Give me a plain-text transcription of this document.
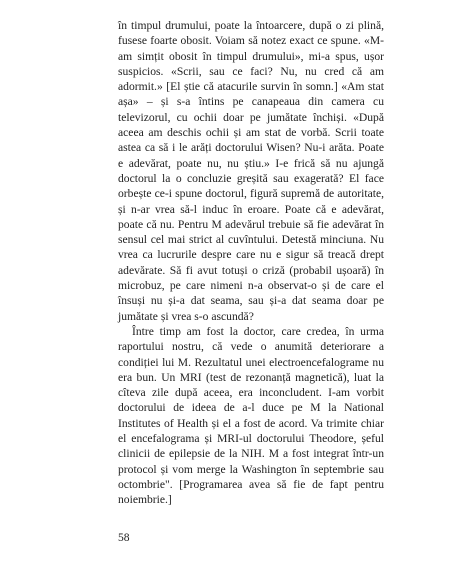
în timpul drumului, poate la întoarcere, după o zi plină, fusese foarte obosit. Voiam să notez exact ce spune. «M-am simțit obosit în timpul drumului», mi-a spus, ușor suspicios. «Scrii, sau ce faci? Nu, nu cred că am adormit.» [El știe că atacurile survin în somn.] «Am stat așa» – și s-a întins pe canapeaua din camera cu televizorul, cu ochii doar pe jumătate închiși. «După aceea am deschis ochii și am stat de vorbă. Scrii toate astea ca să i le arăți doctorului Wisen? Nu-i arăta. Poate e adevărat, poate nu, nu știu.» I-e frică să nu ajungă doctorul la o concluzie greșită sau exagerată? El face orbește ce-i spune doctorul, figură supremă de autoritate, și n-ar vrea să-l induc în eroare. Poate că e adevărat, poate că nu. Pentru M adevărul trebuie să fie adevărat în sensul cel mai strict al cuvîntului. Detestă minciuna. Nu vrea ca lucrurile despre care nu e sigur să treacă drept adevărate. Să fi avut totuși o criză (probabil ușoară) în microbuz, pe care nimeni n-a observat-o și de care el însuși nu și-a dat seama, sau și-a dat seama doar pe jumătate și vrea s-o ascundă?

Între timp am fost la doctor, care credea, în urma raportului nostru, că vede o anumită deteriorare a condiției lui M. Rezultatul unei electroencefalograme nu era bun. Un MRI (test de rezonanță magnetică), luat la cîteva zile după aceea, era inconcludent. I-am vorbit doctorului de ideea de a-l duce pe M la National Institutes of Health și el a fost de acord. Va trimite chiar el encefalograma și MRI-ul doctorului Theodore, șeful clinicii de epilepsie de la NIH. M a fost integrat într-un protocol și vom merge la Washington în septembrie sau octombrie". [Programarea avea să fie de fapt pentru noiembrie.]

58
